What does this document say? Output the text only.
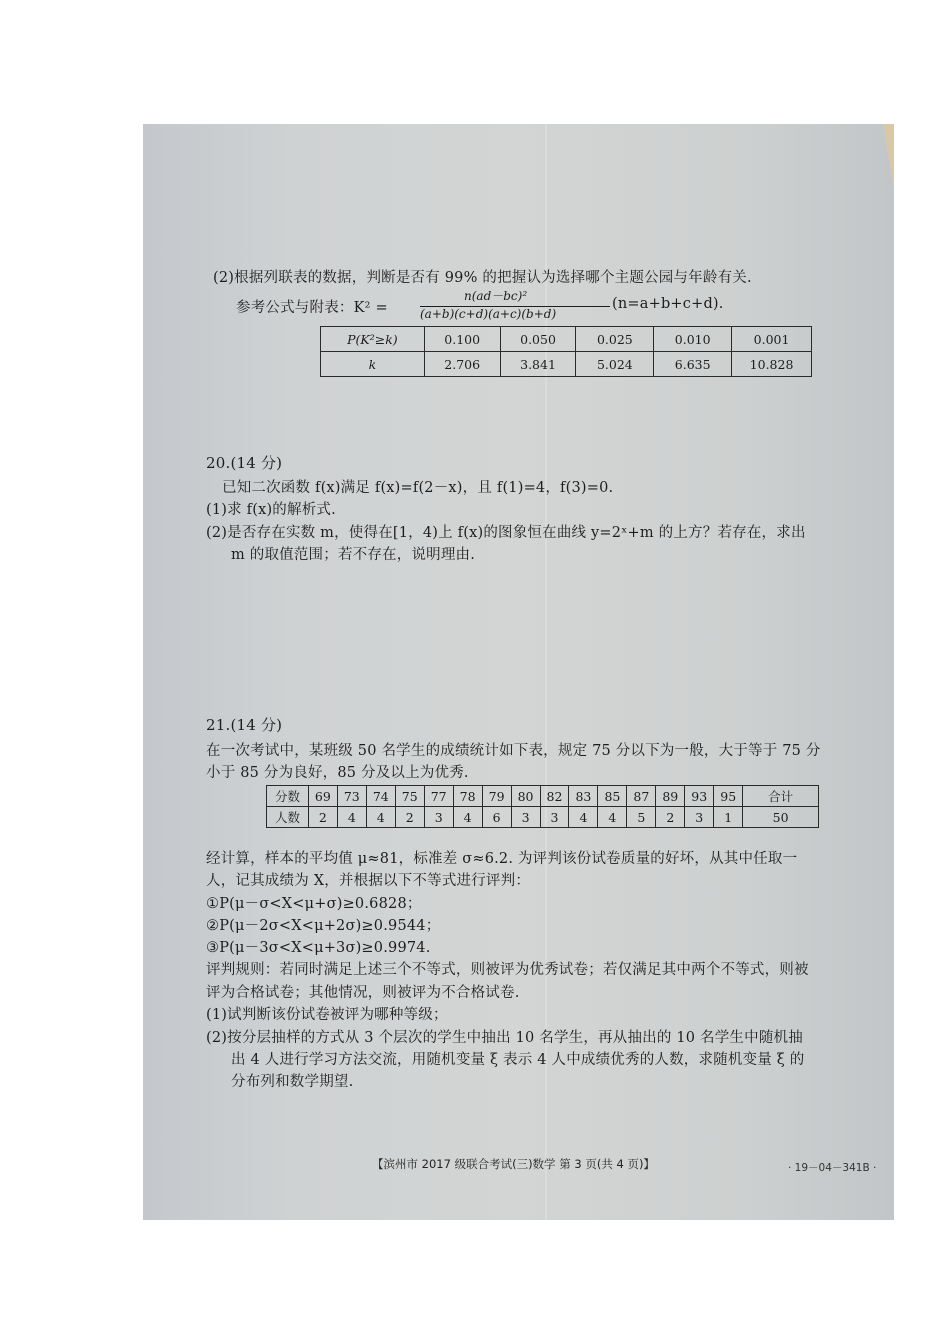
(2)根据列联表的数据，判断是否有 99% 的把握认为选择哪个主题公园与年龄有关.
参考公式与附表：K² =
n(ad－bc)²
(a+b)(c+d)(a+c)(b+d)
(n=a+b+c+d).
P(K²≥k)	0.100	0.050	0.025	0.010	0.001
k	2.706	3.841	5.024	6.635	10.828
20.(14 分)
已知二次函数 f(x)满足 f(x)=f(2－x)，且 f(1)=4，f(3)=0.
(1)求 f(x)的解析式.
(2)是否存在实数 m，使得在[1，4)上 f(x)的图象恒在曲线 y=2ˣ+m 的上方？若存在，求出
m 的取值范围；若不存在，说明理由.
21.(14 分)
在一次考试中，某班级 50 名学生的成绩统计如下表，规定 75 分以下为一般，大于等于 75 分
小于 85 分为良好，85 分及以上为优秀.
分数	69	73	74	75	77	78	79	80	82	83	85	87	89	93	95	合计
人数	2	4	4	2	3	4	6	3	3	4	4	5	2	3	1	50
经计算，样本的平均值 μ≈81，标准差 σ≈6.2. 为评判该份试卷质量的好坏，从其中任取一
人，记其成绩为 X，并根据以下不等式进行评判：
①P(μ－σ<X<μ+σ)≥0.6828；
②P(μ－2σ<X<μ+2σ)≥0.9544；
③P(μ－3σ<X<μ+3σ)≥0.9974.
评判规则：若同时满足上述三个不等式，则被评为优秀试卷；若仅满足其中两个不等式，则被
评为合格试卷；其他情况，则被评为不合格试卷.
(1)试判断该份试卷被评为哪种等级；
(2)按分层抽样的方式从 3 个层次的学生中抽出 10 名学生，再从抽出的 10 名学生中随机抽
出 4 人进行学习方法交流，用随机变量 ξ 表示 4 人中成绩优秀的人数，求随机变量 ξ 的
分布列和数学期望.
【滨州市 2017 级联合考试(三)数学 第 3 页(共 4 页)】	· 19－04－341B ·
